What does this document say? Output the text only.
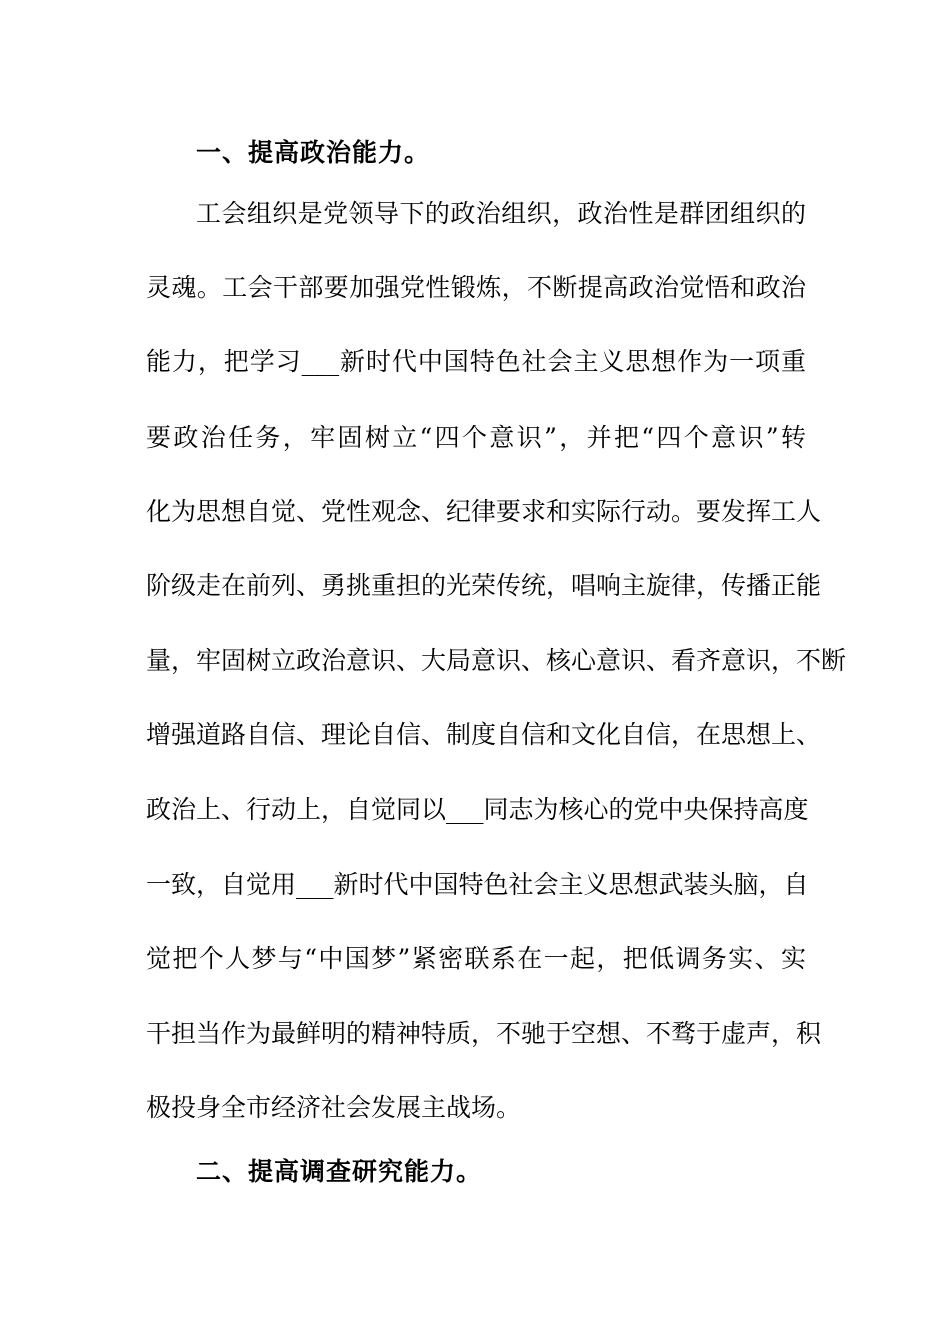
一、提高政治能力。
工会组织是党领导下的政治组织，政治性是群团组织的
灵魂。工会干部要加强党性锻炼，不断提高政治觉悟和政治
能力，把学习___新时代中国特色社会主义思想作为一项重
要政治任务，牢固树立“四个意识”，并把“四个意识”转
化为思想自觉、党性观念、纪律要求和实际行动。要发挥工人
阶级走在前列、勇挑重担的光荣传统，唱响主旋律，传播正能
量，牢固树立政治意识、大局意识、核心意识、看齐意识，不断
增强道路自信、理论自信、制度自信和文化自信，在思想上、
政治上、行动上，自觉同以___同志为核心的党中央保持高度
一致，自觉用___新时代中国特色社会主义思想武装头脑，自
觉把个人梦与“中国梦”紧密联系在一起，把低调务实、实
干担当作为最鲜明的精神特质，不驰于空想、不骛于虚声，积
极投身全市经济社会发展主战场。
二、提高调查研究能力。
